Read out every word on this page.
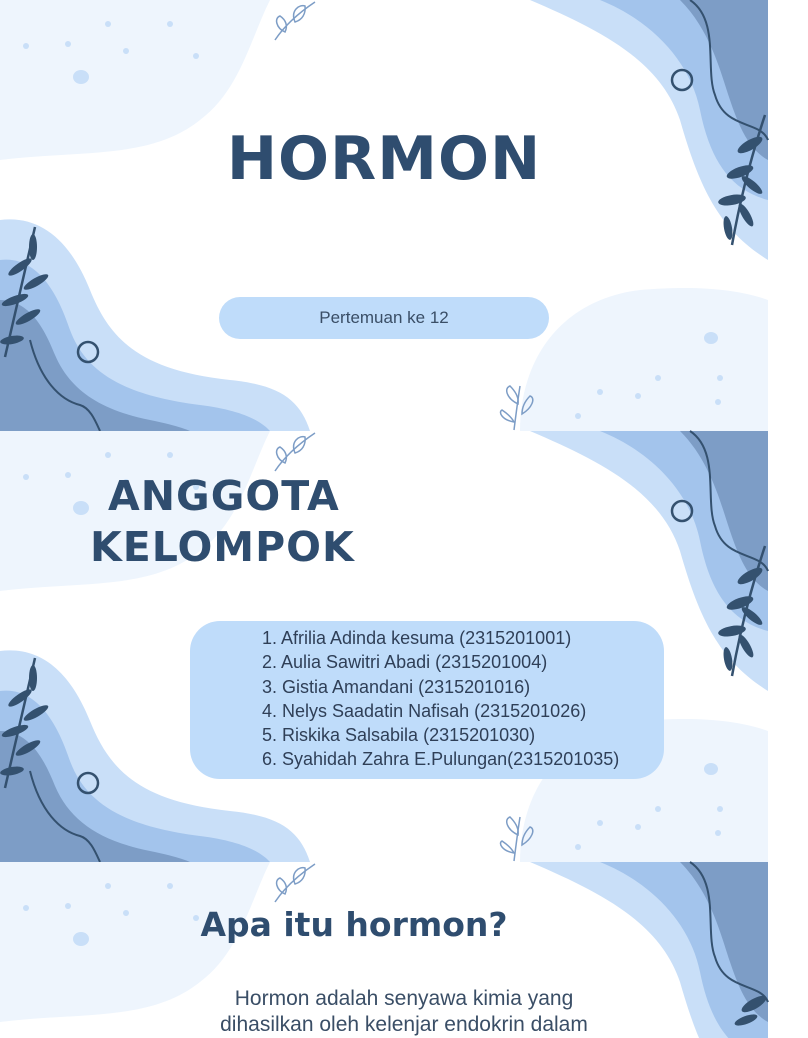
HORMON
Pertemuan ke 12
ANGGOTA
KELOMPOK
1. Afrilia Adinda kesuma (2315201001)
2. Aulia Sawitri Abadi (2315201004)
3. Gistia Amandani (2315201016)
4. Nelys Saadatin Nafisah (2315201026)
5. Riskika Salsabila (2315201030)
6. Syahidah Zahra E.Pulungan(2315201035)
Apa itu hormon?

Hormon adalah senyawa kimia yang
dihasilkan oleh kelenjar endokrin dalam
